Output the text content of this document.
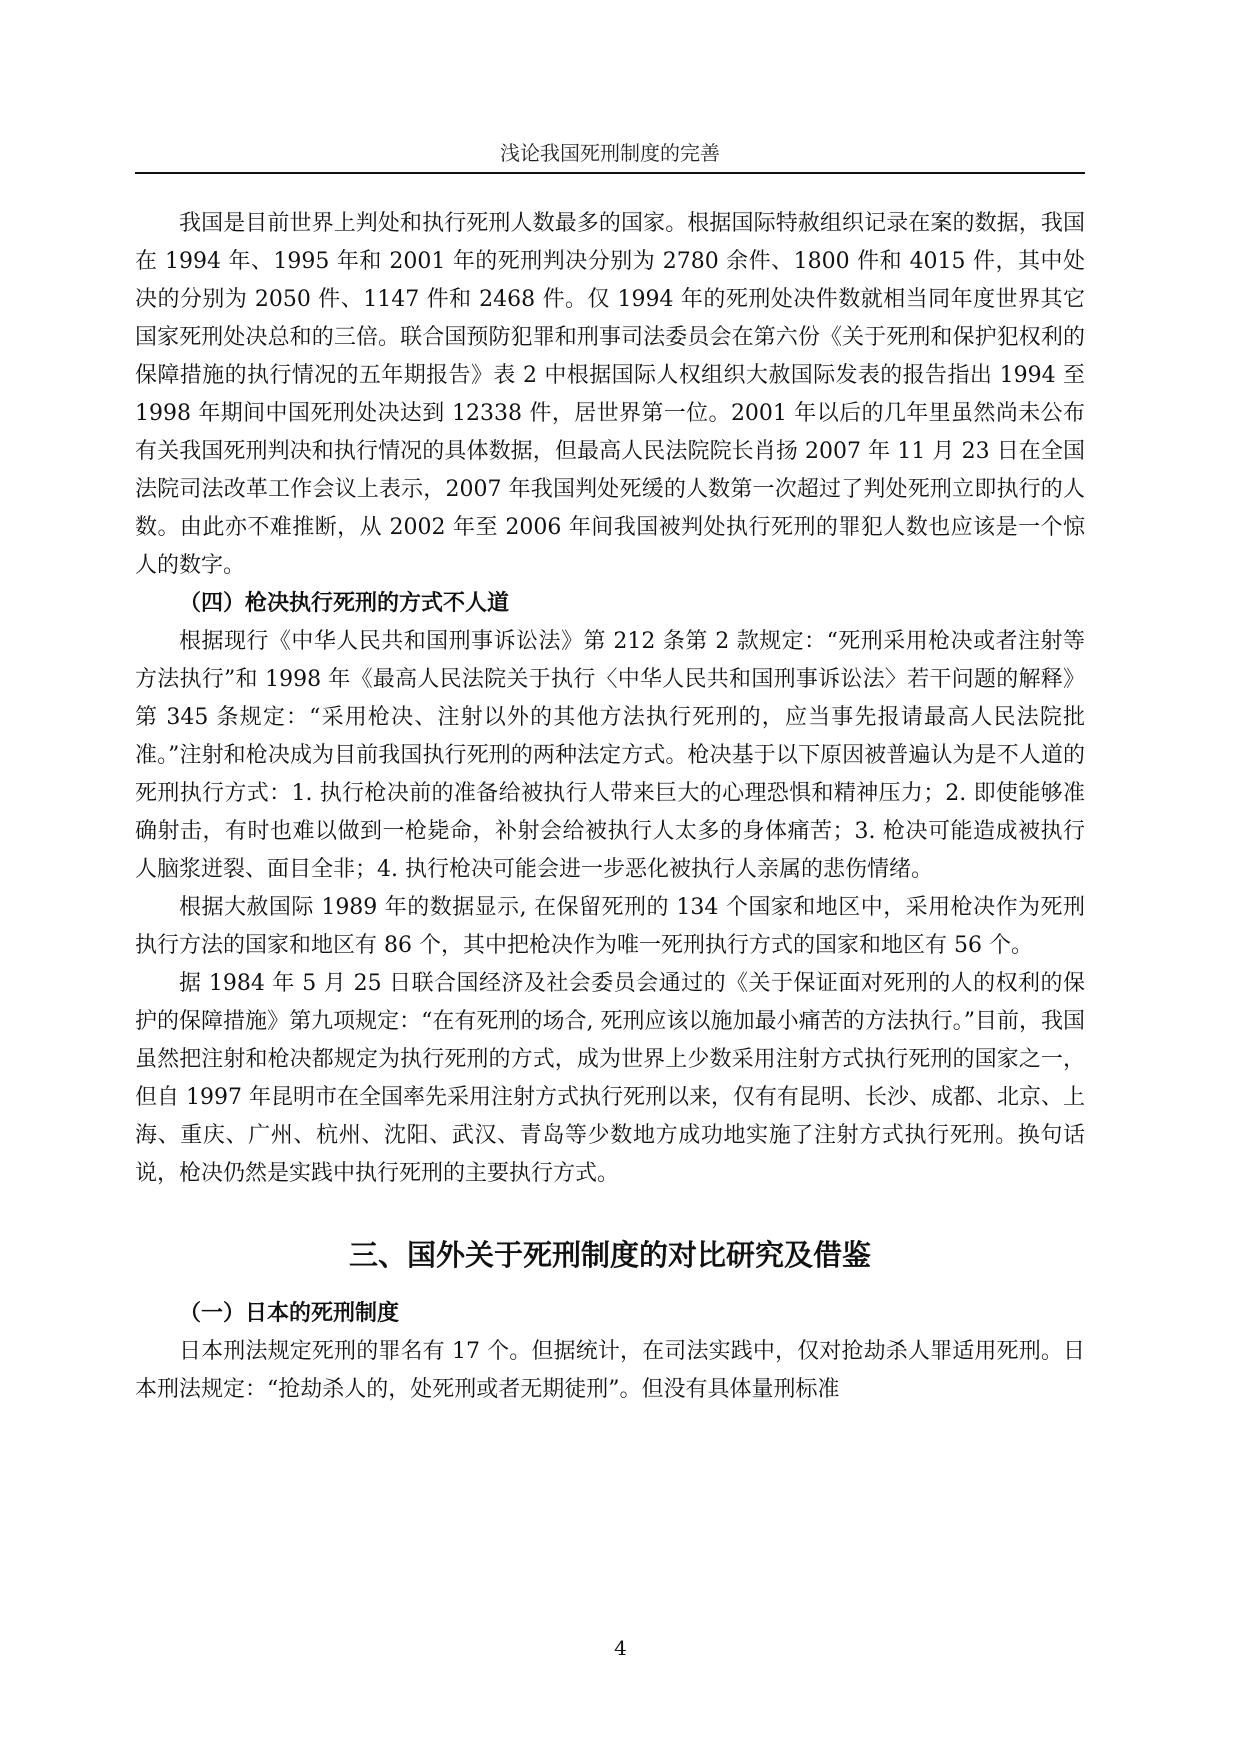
浅论我国死刑制度的完善

我国是目前世界上判处和执行死刑人数最多的国家。根据国际特赦组织记录在案的数据，我国在 1994 年、1995 年和 2001 年的死刑判决分别为 2780 余件、1800 件和 4015 件，其中处决的分别为 2050 件、1147 件和 2468 件。仅 1994 年的死刑处决件数就相当同年度世界其它国家死刑处决总和的三倍。联合国预防犯罪和刑事司法委员会在第六份《关于死刑和保护犯权利的保障措施的执行情况的五年期报告》表 2 中根据国际人权组织大赦国际发表的报告指出 1994 至 1998 年期间中国死刑处决达到 12338 件，居世界第一位。2001 年以后的几年里虽然尚未公布有关我国死刑判决和执行情况的具体数据，但最高人民法院院长肖扬 2007 年 11 月 23 日在全国法院司法改革工作会议上表示，2007 年我国判处死缓的人数第一次超过了判处死刑立即执行的人数。由此亦不难推断，从 2002 年至 2006 年间我国被判处执行死刑的罪犯人数也应该是一个惊人的数字。

（四）枪决执行死刑的方式不人道

根据现行《中华人民共和国刑事诉讼法》第 212 条第 2 款规定：“死刑采用枪决或者注射等方法执行”和 1998 年《最高人民法院关于执行〈中华人民共和国刑事诉讼法〉若干问题的解释》第 345 条规定：“采用枪决、注射以外的其他方法执行死刑的，应当事先报请最高人民法院批准。”注射和枪决成为目前我国执行死刑的两种法定方式。枪决基于以下原因被普遍认为是不人道的死刑执行方式：1. 执行枪决前的准备给被执行人带来巨大的心理恐惧和精神压力；2. 即使能够准确射击，有时也难以做到一枪毙命，补射会给被执行人太多的身体痛苦；3. 枪决可能造成被执行人脑浆迸裂、面目全非；4. 执行枪决可能会进一步恶化被执行人亲属的悲伤情绪。

根据大赦国际 1989 年的数据显示, 在保留死刑的 134 个国家和地区中，采用枪决作为死刑执行方法的国家和地区有 86 个，其中把枪决作为唯一死刑执行方式的国家和地区有 56 个。

据 1984 年 5 月 25 日联合国经济及社会委员会通过的《关于保证面对死刑的人的权利的保护的保障措施》第九项规定：“在有死刑的场合, 死刑应该以施加最小痛苦的方法执行。”目前，我国虽然把注射和枪决都规定为执行死刑的方式，成为世界上少数采用注射方式执行死刑的国家之一，但自 1997 年昆明市在全国率先采用注射方式执行死刑以来，仅有有昆明、长沙、成都、北京、上海、重庆、广州、杭州、沈阳、武汉、青岛等少数地方成功地实施了注射方式执行死刑。换句话说，枪决仍然是实践中执行死刑的主要执行方式。

三、国外关于死刑制度的对比研究及借鉴

（一）日本的死刑制度

日本刑法规定死刑的罪名有 17 个。但据统计，在司法实践中，仅对抢劫杀人罪适用死刑。日本刑法规定：“抢劫杀人的，处死刑或者无期徒刑”。但没有具体量刑标准

4
